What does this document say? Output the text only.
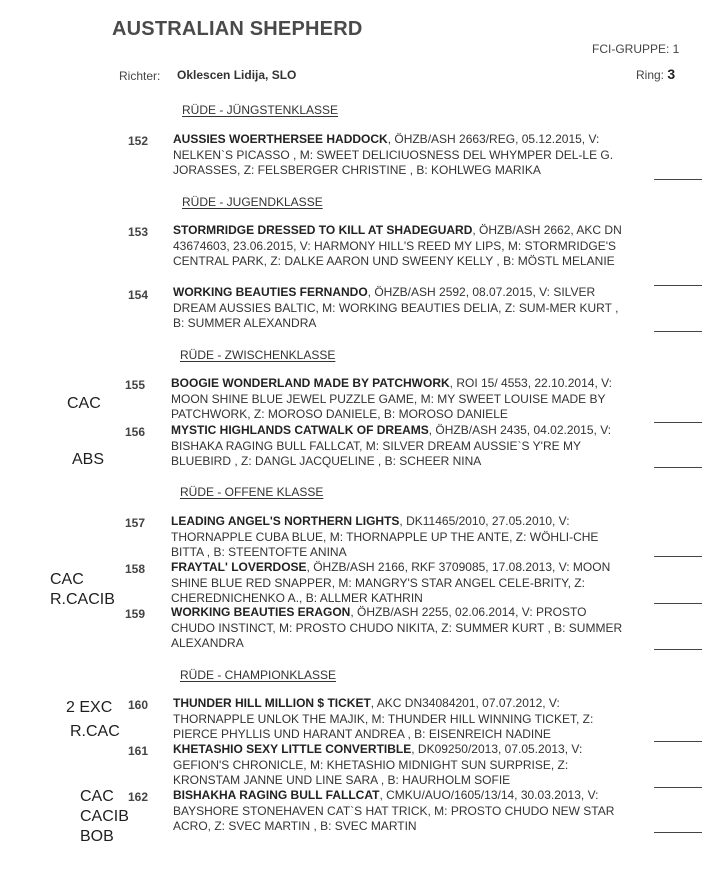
AUSTRALIAN SHEPHERD
FCI-GRUPPE: 1
Richter: Oklescen Lidija, SLO	Ring: 3
RÜDE - JÜNGSTENKLASSE
152	AUSSIES WOERTHERSEE HADDOCK, ÖHZB/ASH 2663/REG, 05.12.2015, V: NELKEN`S PICASSO , M: SWEET DELICIUOSNESS DEL WHYMPER DEL-LE G. JORASSES, Z: FELSBERGER CHRISTINE , B: KOHLWEG MARIKA
RÜDE - JUGENDKLASSE
153	STORMRIDGE DRESSED TO KILL AT SHADEGUARD, ÖHZB/ASH 2662, AKC DN 43674603, 23.06.2015, V: HARMONY HILL'S REED MY LIPS, M: STORMRIDGE'S CENTRAL PARK, Z: DALKE AARON UND SWEENY KELLY , B: MÖSTL MELANIE
154	WORKING BEAUTIES FERNANDO, ÖHZB/ASH 2592, 08.07.2015, V: SILVER DREAM AUSSIES BALTIC, M: WORKING BEAUTIES DELIA, Z: SUM-MER KURT , B: SUMMER ALEXANDRA
RÜDE - ZWISCHENKLASSE
CAC
155	BOOGIE WONDERLAND MADE BY PATCHWORK, ROI 15/ 4553, 22.10.2014, V: MOON SHINE BLUE JEWEL PUZZLE GAME, M: MY SWEET LOUISE MADE BY PATCHWORK, Z: MOROSO DANIELE, B: MOROSO DANIELE
ABS
156	MYSTIC HIGHLANDS CATWALK OF DREAMS, ÖHZB/ASH 2435, 04.02.2015, V: BISHAKA RAGING BULL FALLCAT, M: SILVER DREAM AUSSIE`S Y'RE MY BLUEBIRD , Z: DANGL JACQUELINE , B: SCHEER NINA
RÜDE - OFFENE KLASSE
157	LEADING ANGEL'S NORTHERN LIGHTS, DK11465/2010, 27.05.2010, V: THORNAPPLE CUBA BLUE, M: THORNAPPLE UP THE ANTE, Z: WÖHLI-CHE BITTA , B: STEENTOFTE ANINA
CAC
R.CACIB
158	FRAYTAL' LOVERDOSE, ÖHZB/ASH 2166, RKF 3709085, 17.08.2013, V: MOON SHINE BLUE RED SNAPPER, M: MANGRY'S STAR ANGEL CELE-BRITY, Z: CHEREDNICHENKO A., B: ALLMER KATHRIN
159	WORKING BEAUTIES ERAGON, ÖHZB/ASH 2255, 02.06.2014, V: PROSTO CHUDO INSTINCT, M: PROSTO CHUDO NIKITA, Z: SUMMER KURT , B: SUMMER ALEXANDRA
RÜDE - CHAMPIONKLASSE
2 EXC
R.CAC
160	THUNDER HILL MILLION $ TICKET, AKC DN34084201, 07.07.2012, V: THORNAPPLE UNLOK THE MAJIK, M: THUNDER HILL WINNING TICKET, Z: PIERCE PHYLLIS UND HARANT ANDREA , B: EISENREICH NADINE
161	KHETASHIO SEXY LITTLE CONVERTIBLE, DK09250/2013, 07.05.2013, V: GEFION'S CHRONICLE, M: KHETASHIO MIDNIGHT SUN SURPRISE, Z: KRONSTAM JANNE UND LINE SARA , B: HAURHOLM SOFIE
CAC
CACIB
BOB
162	BISHAKHA RAGING BULL FALLCAT, CMKU/AUO/1605/13/14, 30.03.2013, V: BAYSHORE STONEHAVEN CAT`S HAT TRICK, M: PROSTO CHUDO NEW STAR ACRO, Z: SVEC MARTIN , B: SVEC MARTIN
